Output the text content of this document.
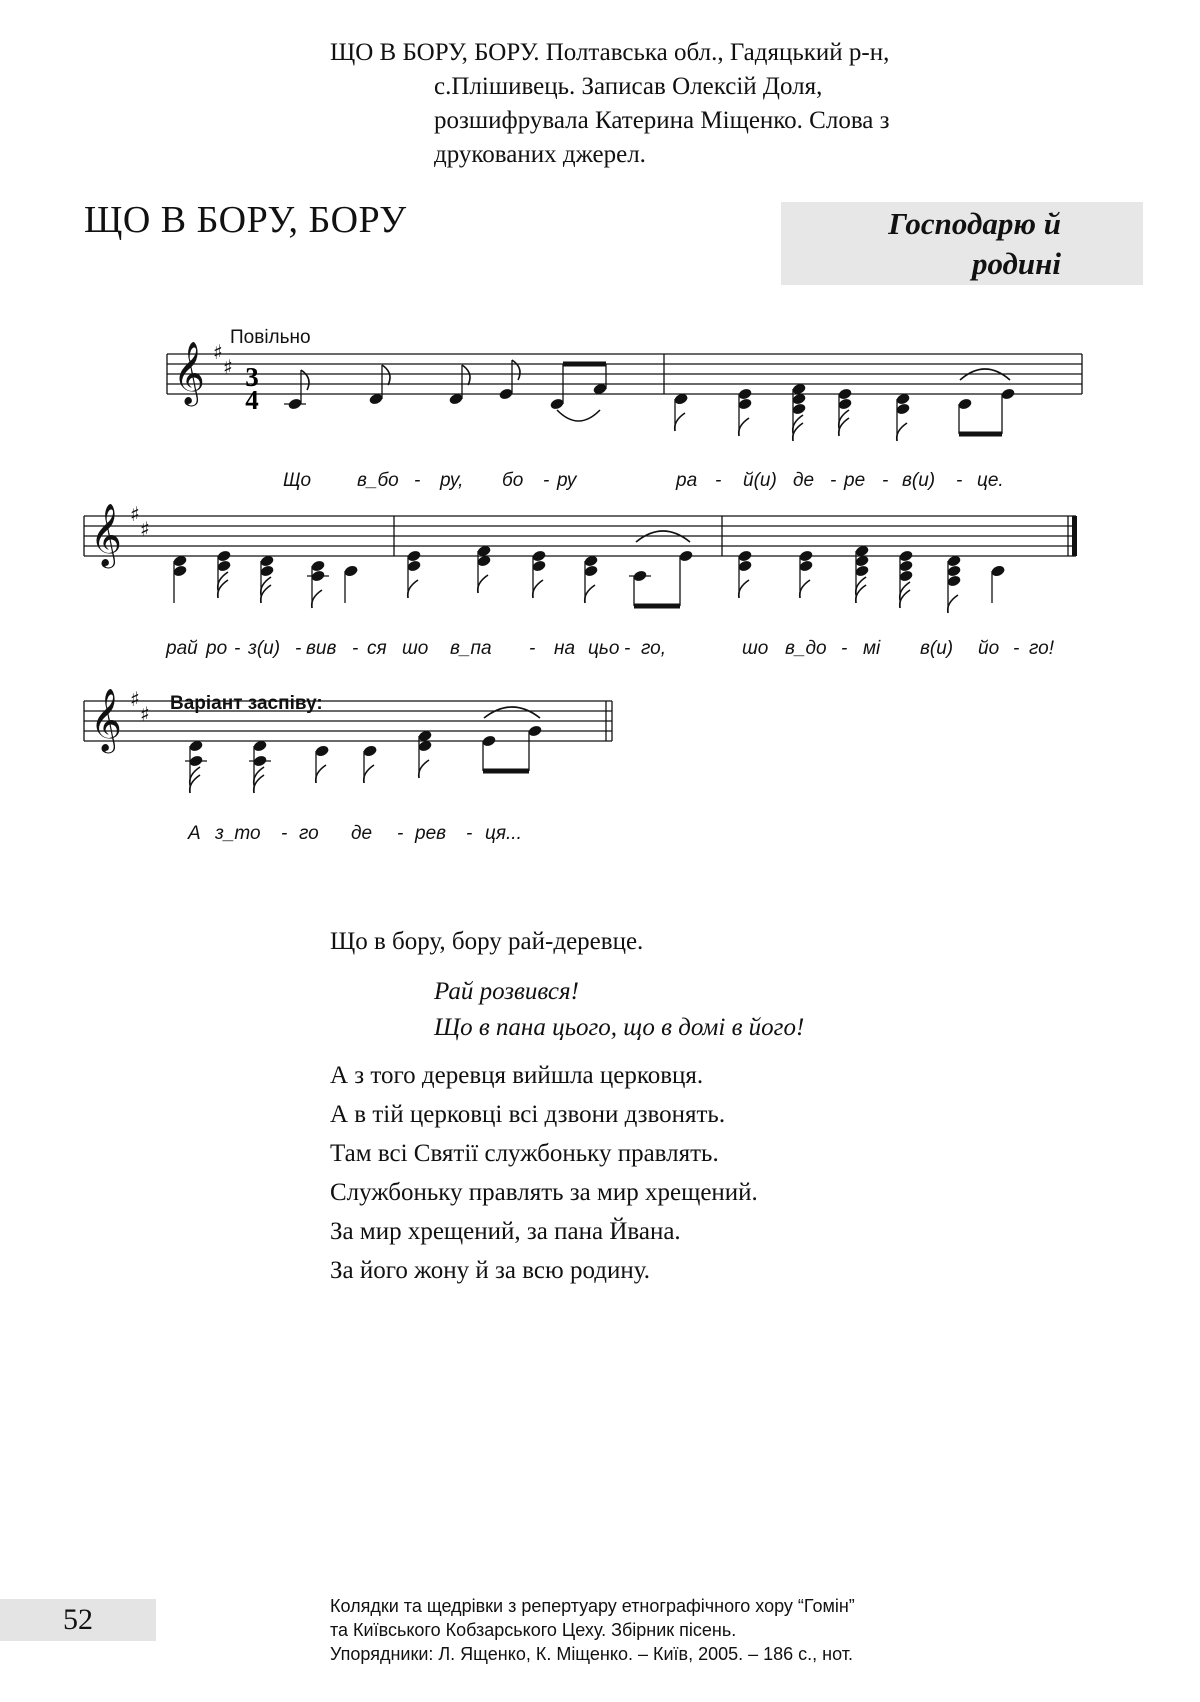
ЩО В БОРУ, БОРУ. Полтавська обл., Гадяцький р-н,
с.Плішивець. Записав Олексій Доля,
розшифрувала Катерина Міщенко. Слова з
друкованих джерел.
ЩО В БОРУ, БОРУ	Господарю й
родині
Повільно
Варіант заспіву:
𝄞 ♯
♯
𝄞 ♯
♯
𝄞 ♯
♯
3
4
Що в_бо - ру, бо - ру	ра - й(и) де - ре - в(и) - це.
рай ро - з(и) - вив - ся шо в_па - на цьо - го,	шо в_до - мі в(и) йо - го!
А з_то - го де - рев - ця...
Що в бору, бору рай-деревце.
Рай розвився!
Що в пана цього, що в домі в його!
А з того деревця вийшла церковця.
А в тій церковці всі дзвони дзвонять.
Там всі Святії службоньку правлять.
Службоньку правлять за мир хрещений.
За мир хрещений, за пана Йвана.
За його жону й за всю родину.
52	Колядки та щедрівки з репертуару етнографічного хору “Гомін”
та Київського Кобзарського Цеху. Збірник пісень.
Упорядники: Л. Ященко, К. Міщенко. – Київ, 2005. – 186 с., нот.
